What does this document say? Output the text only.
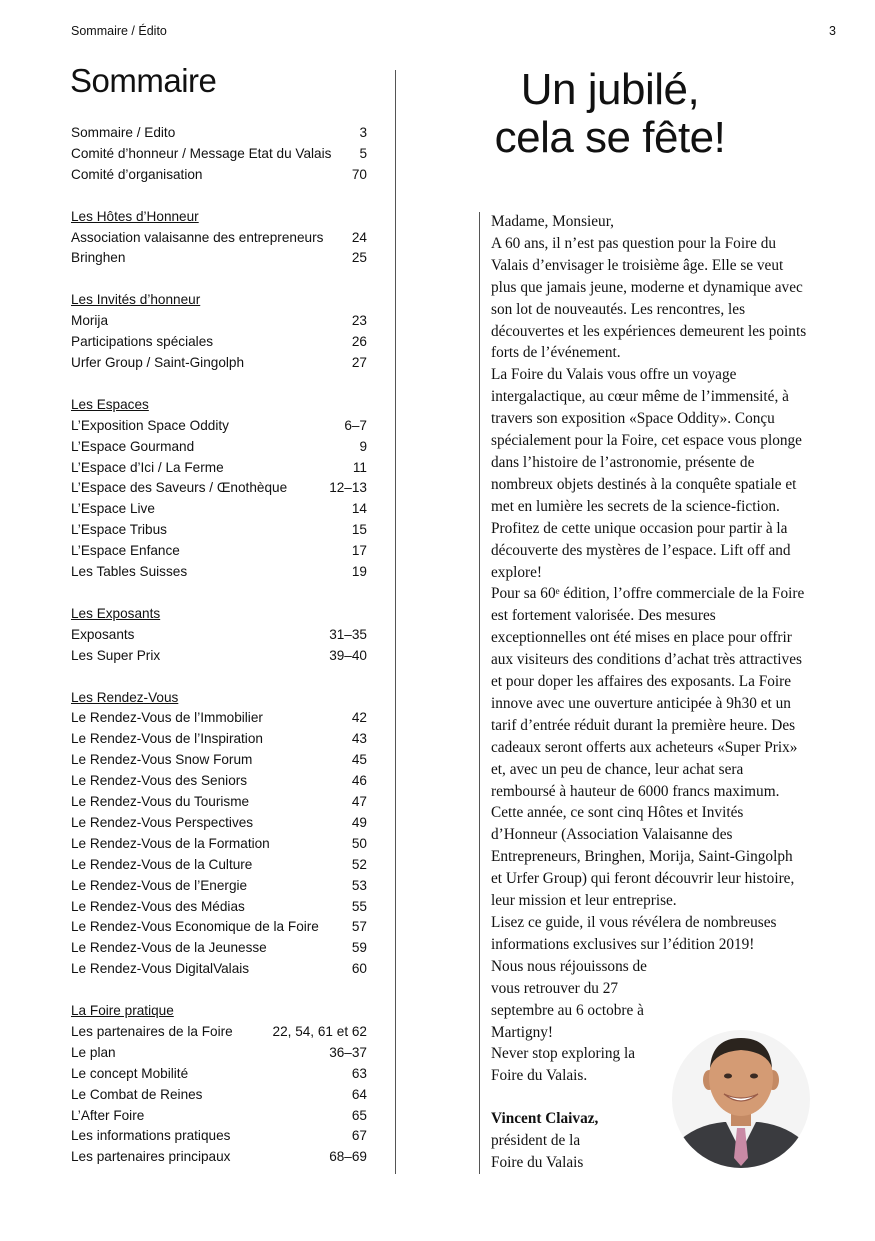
Sommaire / Édito	3
Sommaire
Sommaire / Edito	3
Comité d’honneur / Message Etat du Valais 5
Comité d’organisation	70
Les Hôtes d’Honneur
Association valaisanne des entrepreneurs 24
Bringhen	25
Les Invités d’honneur
Morija	23
Participations spéciales	26
Urfer Group / Saint-Gingolph	27
Les Espaces
L’Exposition Space Oddity	6–7
L’Espace Gourmand	9
L’Espace d’Ici / La Ferme	11
L’Espace des Saveurs / Œnothèque	12–13
L’Espace Live	14
L’Espace Tribus	15
L’Espace Enfance	17
Les Tables Suisses	19
Les Exposants
Exposants	31–35
Les Super Prix	39–40
Les Rendez-Vous
Le Rendez-Vous de l’Immobilier	42
Le Rendez-Vous de l’Inspiration	43
Le Rendez-Vous Snow Forum	45
Le Rendez-Vous des Seniors	46
Le Rendez-Vous du Tourisme	47
Le Rendez-Vous Perspectives	49
Le Rendez-Vous de la Formation	50
Le Rendez-Vous de la Culture	52
Le Rendez-Vous de l’Energie	53
Le Rendez-Vous des Médias	55
Le Rendez-Vous Economique de la Foire 57
Le Rendez-Vous de la Jeunesse	59
Le Rendez-Vous DigitalValais	60
La Foire pratique
Les partenaires de la Foire	22, 54, 61 et 62
Le plan	36–37
Le concept Mobilité	63
Le Combat de Reines	64
L’After Foire	65
Les informations pratiques	67
Les partenaires principaux	68–69
Un jubilé,
cela se fête!

Madame, Monsieur,

A 60 ans, il n’est pas question pour la Foire du Valais d’envisager le troisième âge. Elle se veut plus que jamais jeune, moderne et dynamique avec son lot de nouveautés. Les rencontres, les découvertes et les expériences demeurent les points forts de l’événement.

La Foire du Valais vous offre un voyage intergalactique, au cœur même de l’immensité, à travers son exposition «Space Oddity». Conçu spécialement pour la Foire, cet espace vous plonge dans l’histoire de l’astronomie, présente de nombreux objets destinés à la conquête spatiale et met en lumière les secrets de la science-fiction. Profitez de cette unique occasion pour partir à la découverte des mystères de l’espace. Lift off and explore!

Pour sa 60ᵉ édition, l’offre commerciale de la Foire est fortement valorisée. Des mesures exceptionnelles ont été mises en place pour offrir aux visiteurs des conditions d’achat très attractives et pour doper les affaires des exposants. La Foire innove avec une ouverture anticipée à 9h30 et un tarif d’entrée réduit durant la première heure. Des cadeaux seront offerts aux acheteurs «Super Prix» et, avec un peu de chance, leur achat sera remboursé à hauteur de 6000 francs maximum.

Cette année, ce sont cinq Hôtes et Invités d’Honneur (Association Valaisanne des Entrepreneurs, Bringhen, Morija, Saint-Gingolph et Urfer Group) qui feront découvrir leur histoire, leur mission et leur entreprise.

Lisez ce guide, il vous révélera de nombreuses informations exclusives sur l’édition 2019!

Nous nous réjouissons de vous retrouver du 27 septembre au 6 octobre à Martigny!

Never stop exploring la Foire du Valais.

Vincent Claivaz,
président de la
Foire du Valais
